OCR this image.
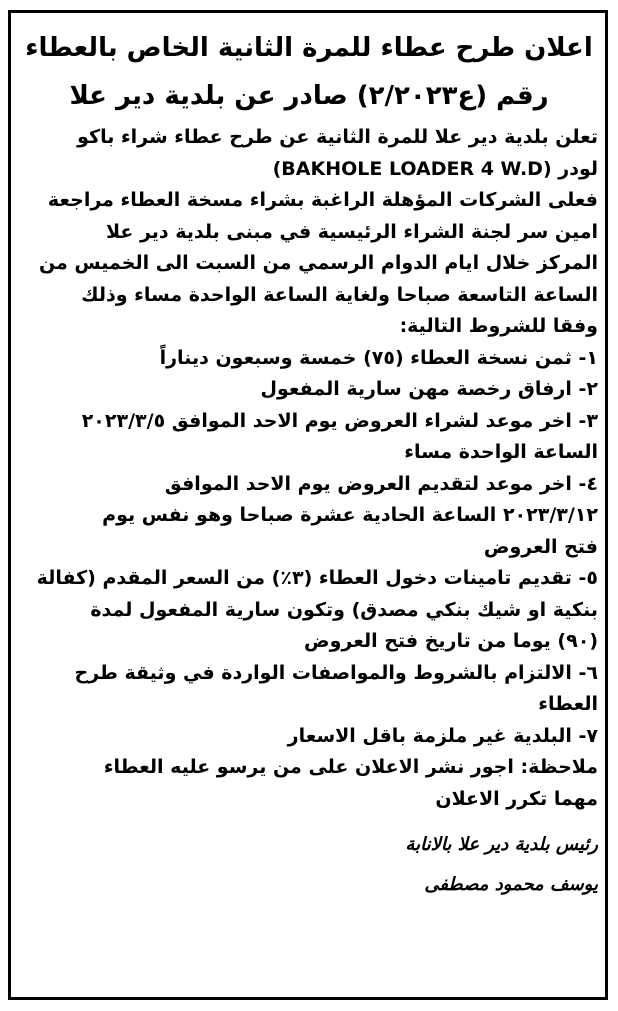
اعلان طرح عطاء للمرة الثانية الخاص بالعطاء
رقم (ع٢/٢٠٢٣) صادر عن بلدية دير علا

تعلن بلدية دير علا للمرة الثانية عن طرح عطاء شراء باكو

لودر (BAKHOLE LOADER 4 W.D)

فعلى الشركات المؤهلة الراغبة بشراء مسخة العطاء مراجعة

امين سر لجنة الشراء الرئيسية في مبنى بلدية دير علا

المركز خلال ايام الدوام الرسمي من السبت الى الخميس من

الساعة التاسعة صباحا ولغاية الساعة الواحدة مساء وذلك

وفقا للشروط التالية:

١- ثمن نسخة العطاء (٧٥) خمسة وسبعون ديناراً

٢- ارفاق رخصة مهن سارية المفعول

٣- اخر موعد لشراء العروض يوم الاحد الموافق ٢٠٢٣/٣/٥

الساعة الواحدة مساء

٤- اخر موعد لتقديم العروض يوم الاحد الموافق

٢٠٢٣/٣/١٢ الساعة الحادية عشرة صباحا وهو نفس يوم

فتح العروض

٥- تقديم تامينات دخول العطاء (٣٪) من السعر المقدم (كفالة

بنكية او شيك بنكي مصدق) وتكون سارية المفعول لمدة

(٩٠) يوما من تاريخ فتح العروض

٦- الالتزام بالشروط والمواصفات الواردة في وثيقة طرح

العطاء

٧- البلدية غير ملزمة باقل الاسعار

ملاحظة: اجور نشر الاعلان على من يرسو عليه العطاء

مهما تكرر الاعلان

رئيس بلدية دير علا بالانابة

يوسف محمود مصطفى
